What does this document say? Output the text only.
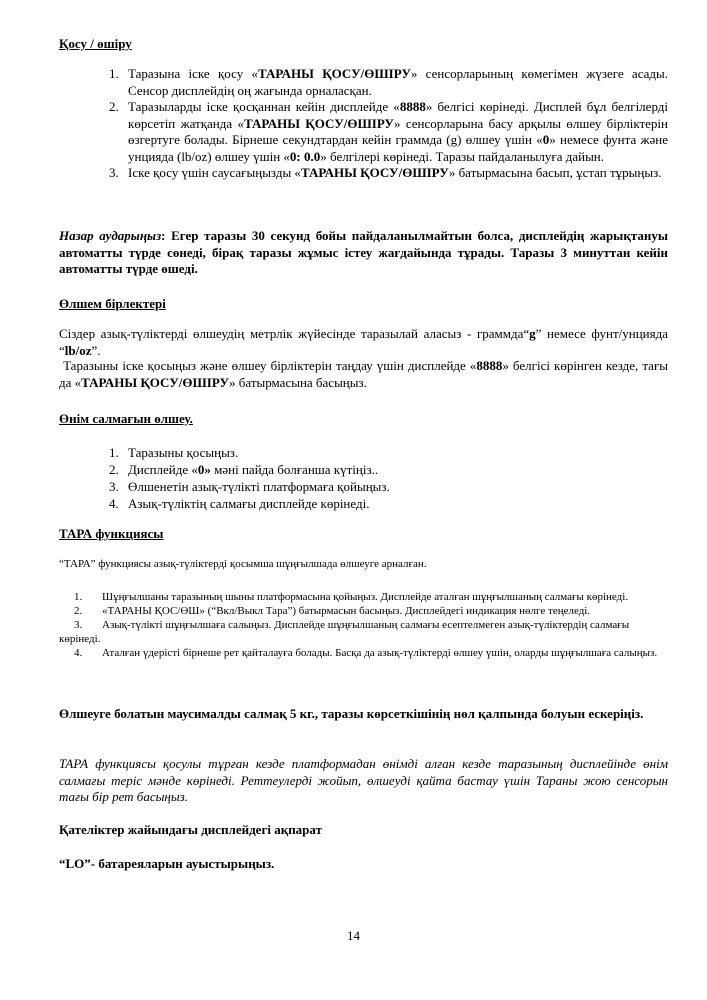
Қосу / өшіру

1. Таразына іске қосу «ТАРАНЫ ҚОСУ/ӨШІРУ» сенсорларының көмегімен жүзеге асады. Сенсор дисплейдің оң жағында орналасқан.
2. Таразыларды іске қосқаннан кейін дисплейде «8888» белгісі көрінеді. Дисплей бұл белгілерді көрсетіп жатқанда «ТАРАНЫ ҚОСУ/ӨШІРУ» сенсорларына басу арқылы өлшеу бірліктерін өзгертуге болады. Бірнеше секундтардан кейін граммда (g) өлшеу үшін «0» немесе фунта және унцияда (lb/oz) өлшеу үшін «0: 0.0» белгілері көрінеді. Таразы пайдаланылуға дайын.
3. Іске қосу үшін саусағыңызды «ТАРАНЫ ҚОСУ/ӨШІРУ» батырмасына басып, ұстап тұрыңыз.

Назар аударыңыз: Егер таразы 30 секунд бойы пайдаланылмайтын болса, дисплейдің жарықтануы автоматты түрде сөнеді, бірақ таразы жұмыс істеу жағдайында тұрады. Таразы 3 минуттан кейін автоматты түрде өшеді.

Өлшем бірлектері

Сіздер азық-түліктерді өлшеудің метрлік жүйесінде таразылай аласыз - граммда“g” немесе фунт/унцияда “lb/oz”.

Таразыны іске қосыңыз және өлшеу бірліктерін таңдау үшін дисплейде «8888» белгісі көрінген кезде, тағы да «ТАРАНЫ ҚОСУ/ӨШІРУ» батырмасына басыңыз.

Өнім салмағын өлшеу.

1. Таразыны қосыңыз.
2. Дисплейде «0» мәні пайда болғанша күтіңіз..
3. Өлшенетін азық-түлікті платформаға қойыңыз.
4. Азық-түліктің салмағы дисплейде көрінеді.

ТАРА функциясы

“ТАРА” функциясы азық-түліктерді қосымша шұңғылшада өлшеуге арналған.

1. Шұңғылшаны таразының шыны платформасына қойыңыз. Дисплейде аталған шұңғылшаның салмағы көрінеді.
2. «ТАРАНЫ ҚОС/ӨШ» (“Вкл/Выкл Тара”) батырмасын басыңыз. Дисплейдегі индикация нөлге теңеледі.
3. Азық-түлікті шұңғылшаға салыңыз. Дисплейде шұңғылшаның салмағы есептелмеген азық-түліктердің салмағы көрінеді.
4. Аталған үдерісті бірнеше рет қайталауға болады. Басқа да азық-түліктерді өлшеу үшін, оларды шұңғылшаға салыңыз.

Өлшеуге болатын маусималды салмақ 5 кг., таразы көрсеткішінің нөл қалпында болуын ескеріңіз.

ТАРА функциясы қосулы тұрған кезде платформадан өнімді алған кезде таразының дисплейінде өнім салмағы теріс мәнде көрінеді. Реттеулерді жойып, өлшеуді қайта бастау үшін Тараны жою сенсорын тағы бір рет басыңыз.

Қателіктер жайындағы дисплейдегі ақпарат

“LO”- батареяларын ауыстырыңыз.

14
